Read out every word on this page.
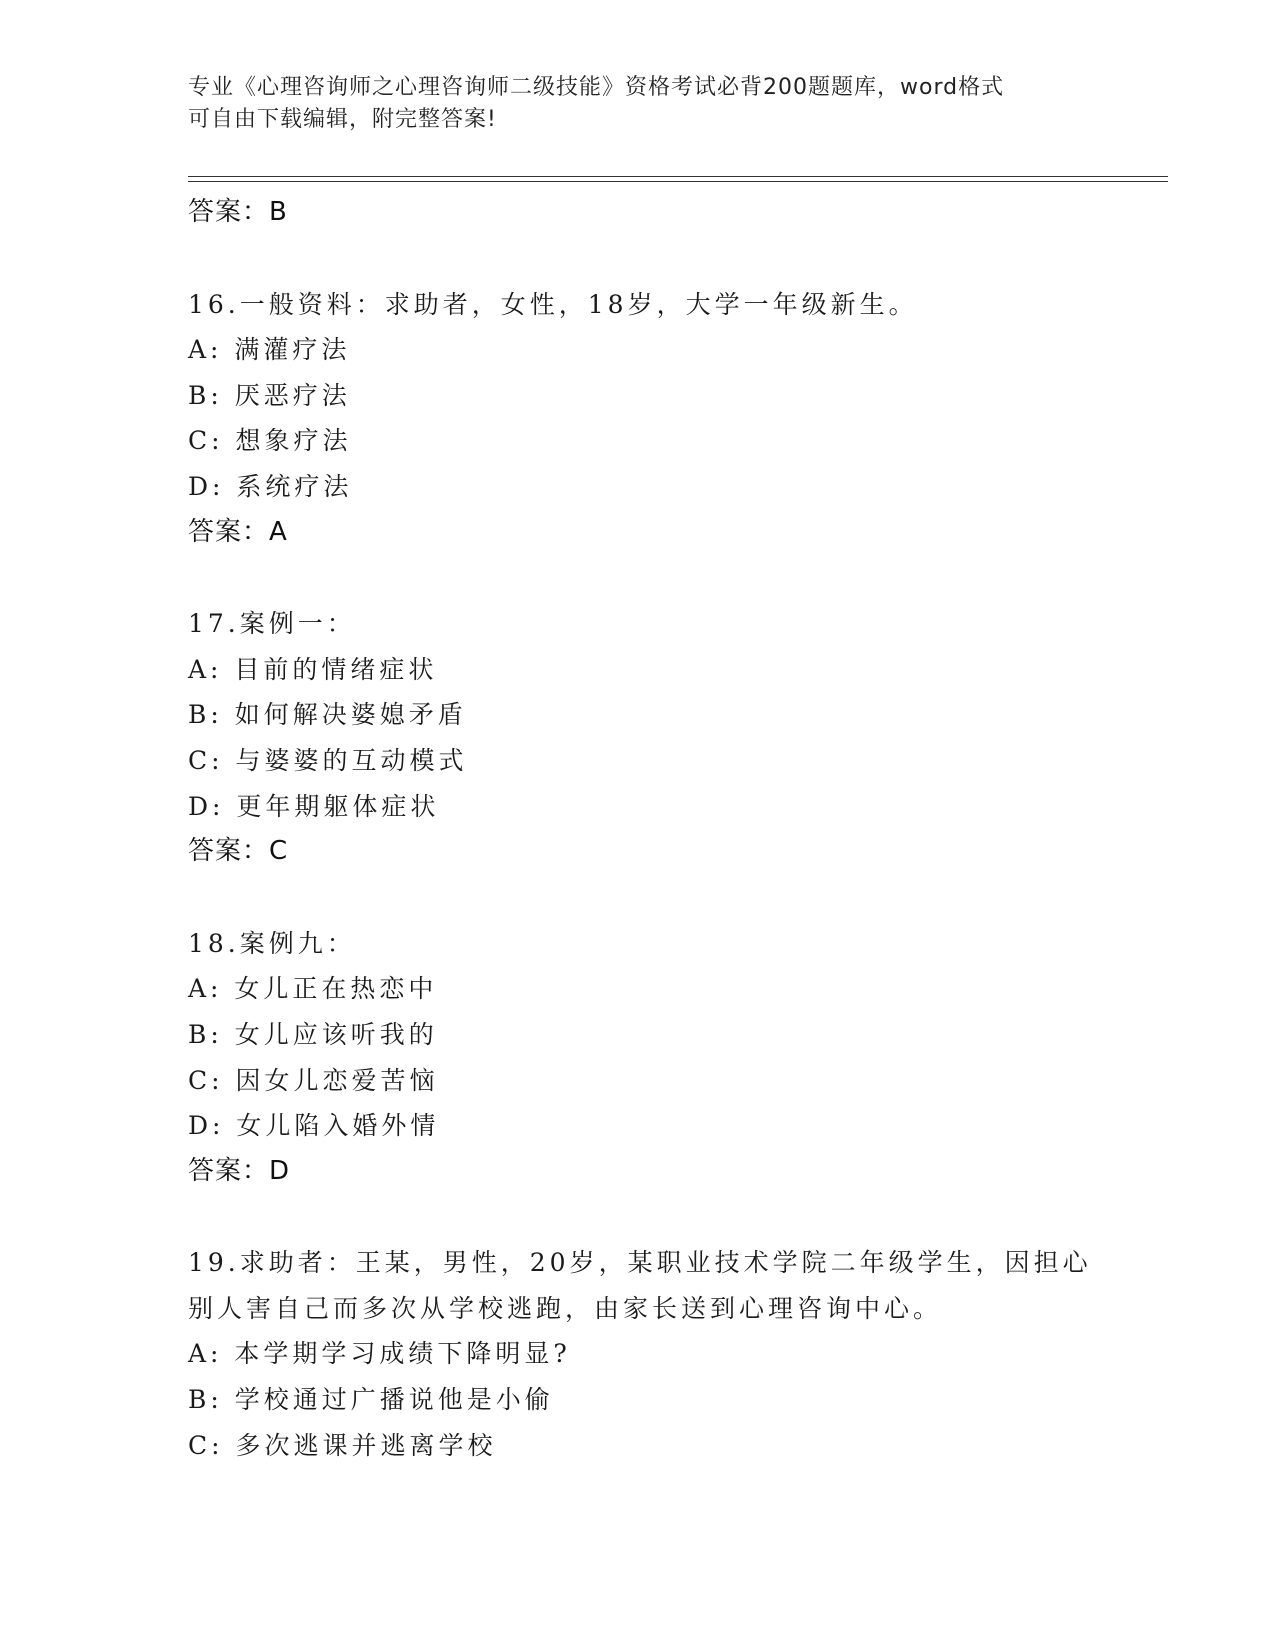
专业《心理咨询师之心理咨询师二级技能》资格考试必背200题题库，word格式
可自由下载编辑，附完整答案!
答案：B
16.一般资料：求助者，女性，18岁，大学一年级新生。
A: 满灌疗法
B: 厌恶疗法
C: 想象疗法
D: 系统疗法
答案：A
17.案例一：
A: 目前的情绪症状
B: 如何解决婆媳矛盾
C: 与婆婆的互动模式
D: 更年期躯体症状
答案：C
18.案例九：
A: 女儿正在热恋中
B: 女儿应该听我的
C: 因女儿恋爱苦恼
D: 女儿陷入婚外情
答案：D
19.求助者：王某，男性，20岁，某职业技术学院二年级学生，因担心别人害自己而多次从学校逃跑，由家长送到心理咨询中心。
A: 本学期学习成绩下降明显?
B: 学校通过广播说他是小偷
C: 多次逃课并逃离学校
